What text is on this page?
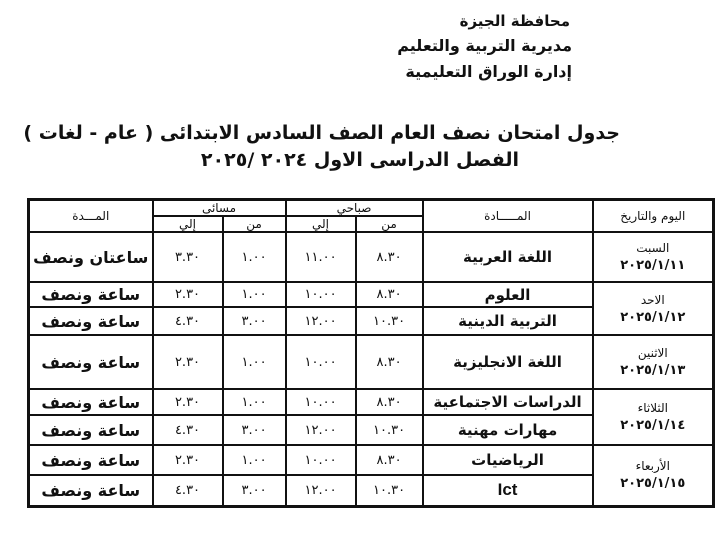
محافظة الجيزة
مديرية التربية والتعليم
إدارة الوراق التعليمية
جدول امتحان نصف العام الصف السادس الابتدائى ( عام - لغات )
الفصل الدراسى الاول ٢٠٢٤ /٢٠٢٥
اليوم والتاريخ	المـــــادة	صباحي		مسائى		المـــدة
		من	إلي	من	إلي	

السبت
٢٠٢٥/١/١١	اللغة العربية	٨.٣٠	١١.٠٠	١.٠٠	٣.٣٠	ساعتان ونصف

الاحد
٢٠٢٥/١/١٢	العلوم	٨.٣٠	١٠.٠٠	١.٠٠	٢.٣٠	ساعة ونصف
	التربية الدينية	١٠.٣٠	١٢.٠٠	٣.٠٠	٤.٣٠	ساعة ونصف

الاثنين
٢٠٢٥/١/١٣	اللغة الانجليزية	٨.٣٠	١٠.٠٠	١.٠٠	٢.٣٠	ساعة ونصف

الثلاثاء
٢٠٢٥/١/١٤	الدراسات الاجتماعية	٨.٣٠	١٠.٠٠	١.٠٠	٢.٣٠	ساعة ونصف
	مهارات مهنية	١٠.٣٠	١٢.٠٠	٣.٠٠	٤.٣٠	ساعة ونصف

الأربعاء
٢٠٢٥/١/١٥	الرياضيات	٨.٣٠	١٠.٠٠	١.٠٠	٢.٣٠	ساعة ونصف
	Ict	١٠.٣٠	١٢.٠٠	٣.٠٠	٤.٣٠	ساعة ونصف
